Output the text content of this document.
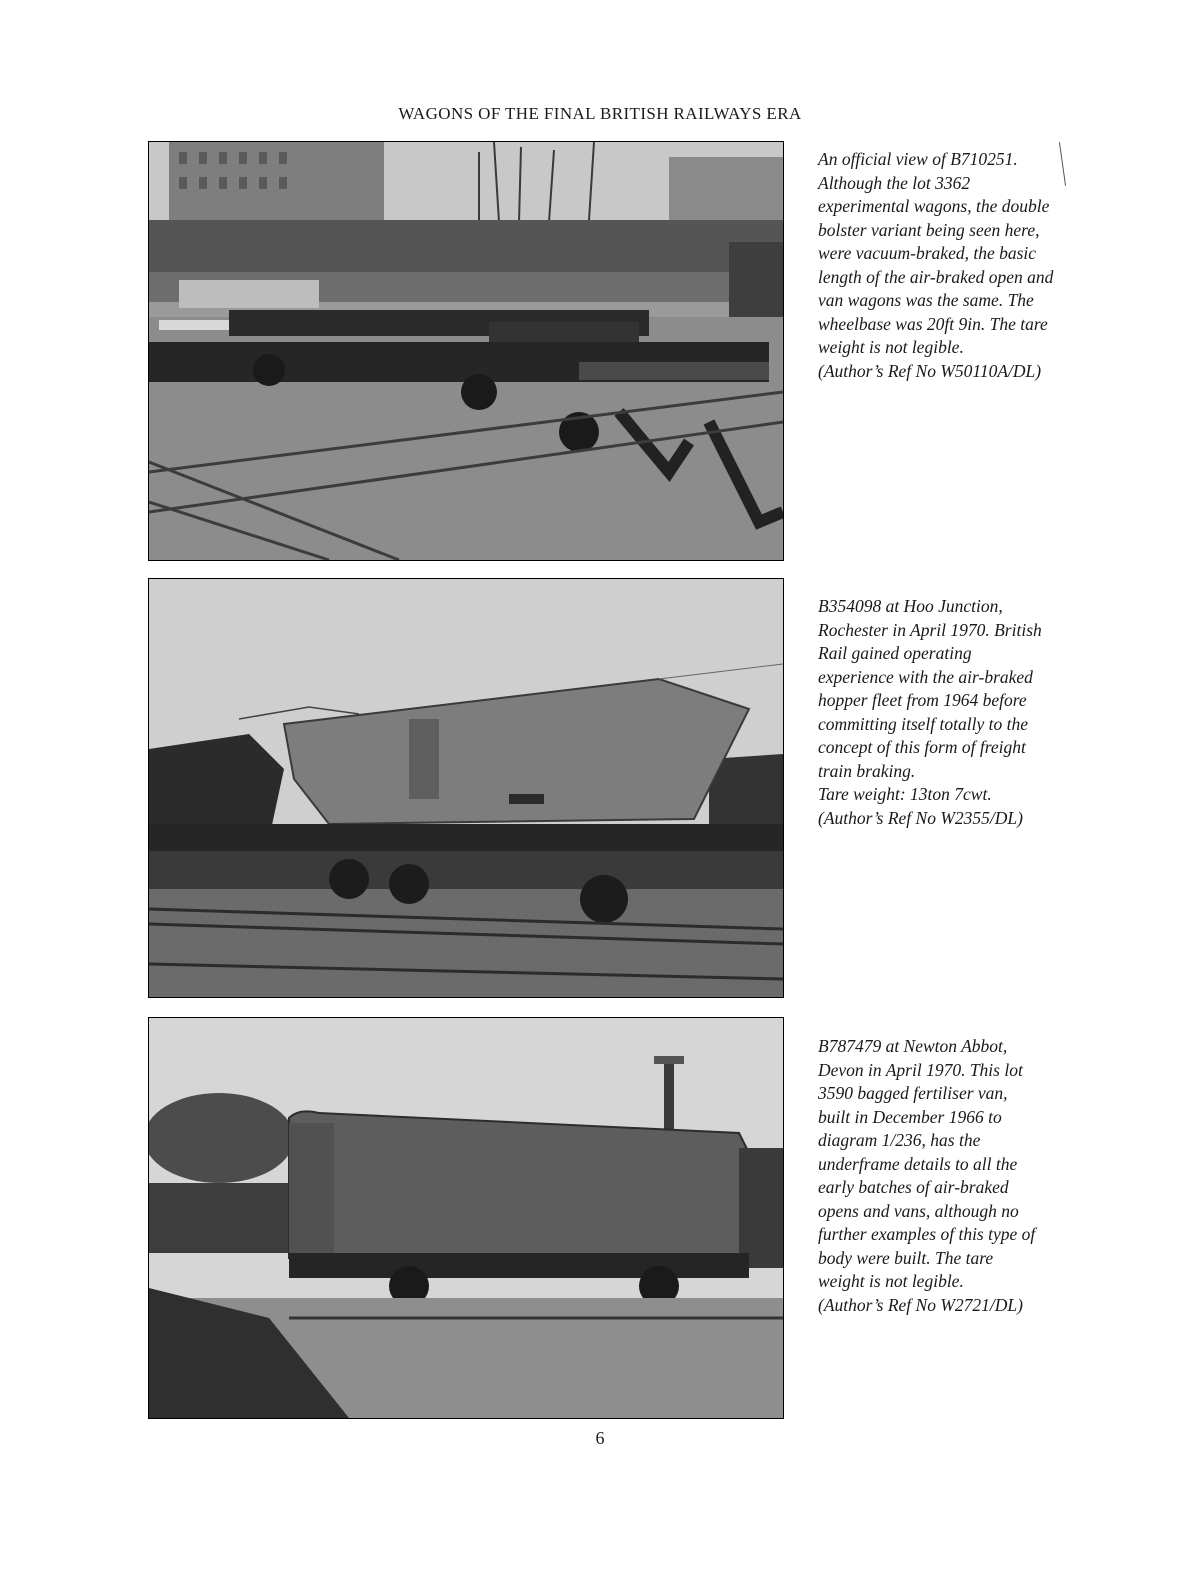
WAGONS OF THE FINAL BRITISH RAILWAYS ERA
An official view of B710251.
Although the lot 3362
experimental wagons, the double
bolster variant being seen here,
were vacuum-braked, the basic
length of the air-braked open and
van wagons was the same. The
wheelbase was 20ft 9in. The tare
weight is not legible.
(Author’s Ref No W50110A/DL)
B354098 at Hoo Junction,
Rochester in April 1970. British
Rail gained operating
experience with the air-braked
hopper fleet from 1964 before
committing itself totally to the
concept of this form of freight
train braking.
Tare weight: 13ton 7cwt.
(Author’s Ref No W2355/DL)
B787479 at Newton Abbot,
Devon in April 1970. This lot
3590 bagged fertiliser van,
built in December 1966 to
diagram 1/236, has the
underframe details to all the
early batches of air-braked
opens and vans, although no
further examples of this type of
body were built. The tare
weight is not legible.
(Author’s Ref No W2721/DL)
6
